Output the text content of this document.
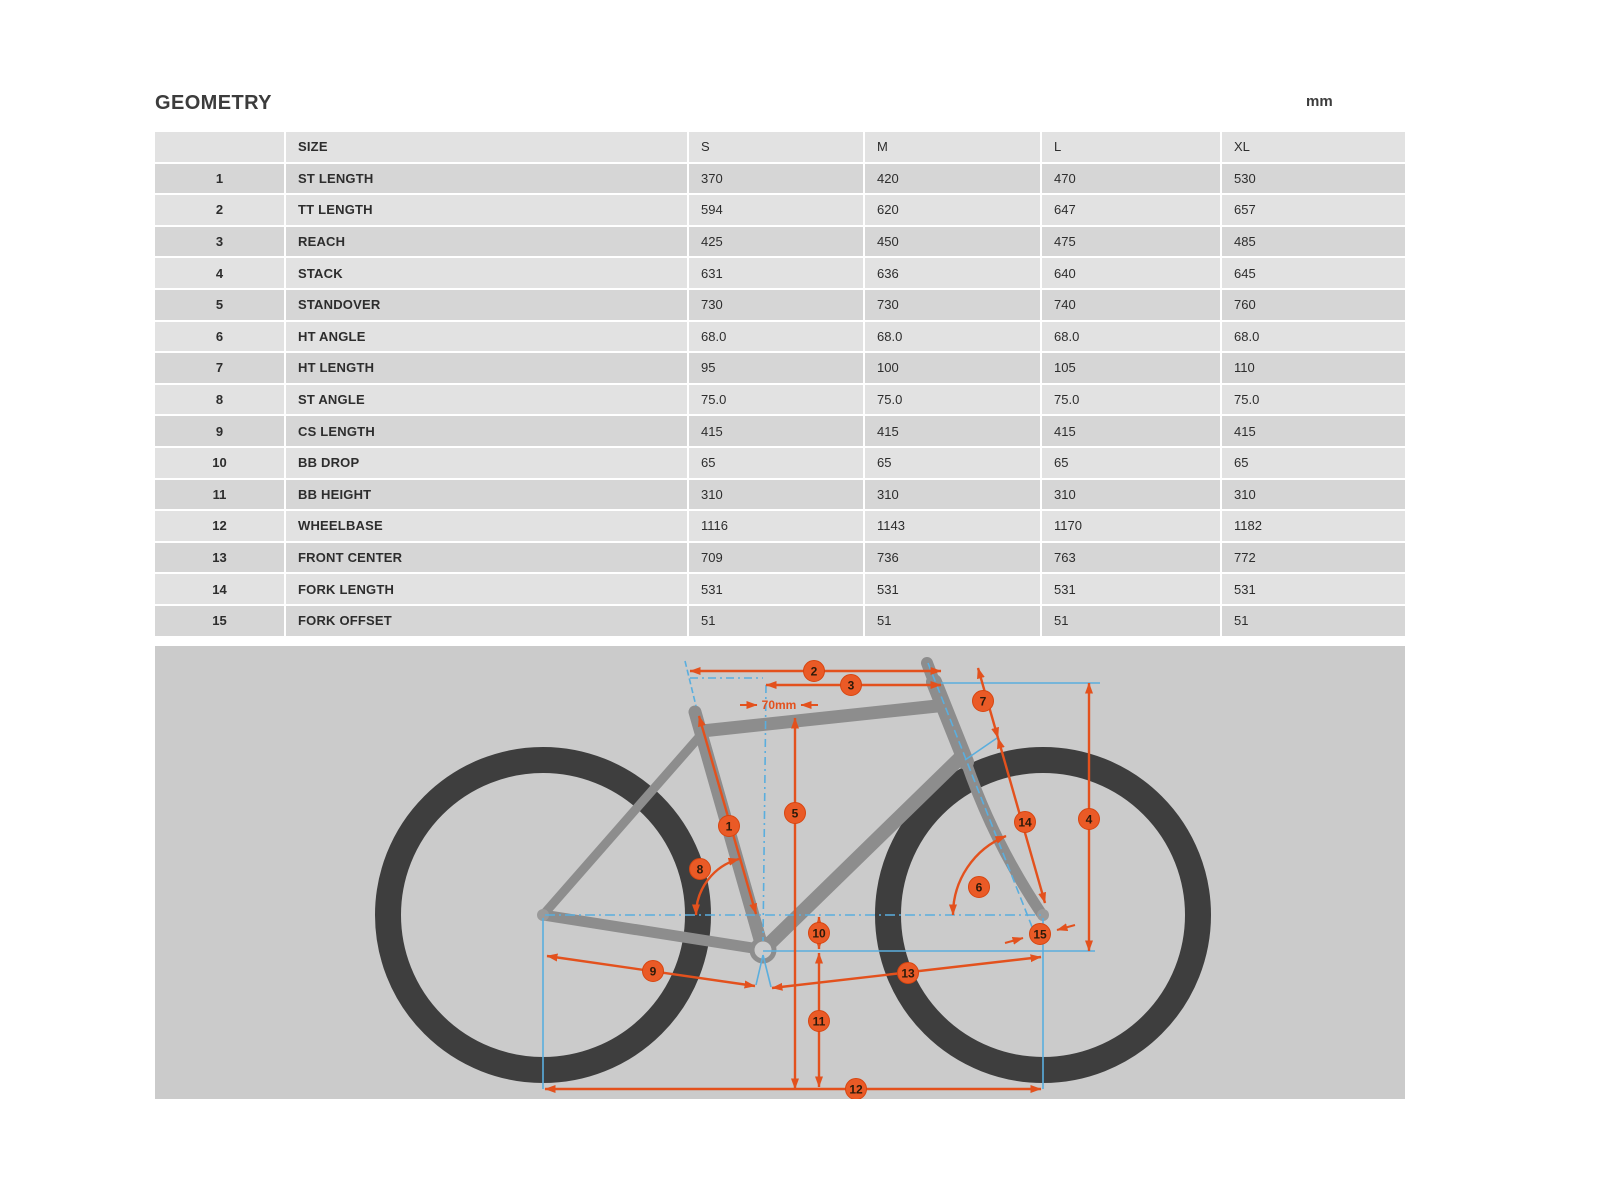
GEOMETRY	mm
	SIZE	S	M	L	XL
1	ST LENGTH	370	420	470	530
2	TT LENGTH	594	620	647	657
3	REACH	425	450	475	485
4	STACK	631	636	640	645
5	STANDOVER	730	730	740	760
6	HT ANGLE	68.0	68.0	68.0	68.0
7	HT LENGTH	95	100	105	110
8	ST ANGLE	75.0	75.0	75.0	75.0
9	CS LENGTH	415	415	415	415
10	BB DROP	65	65	65	65
11	BB HEIGHT	310	310	310	310
12	WHEELBASE	1116	1143	1170	1182
13	FRONT CENTER	709	736	763	772
14	FORK LENGTH	531	531	531	531
15	FORK OFFSET	51	51	51	51
70mm
1
2
3
4
5
6
7
8
9
10
11
12
13
14
15
